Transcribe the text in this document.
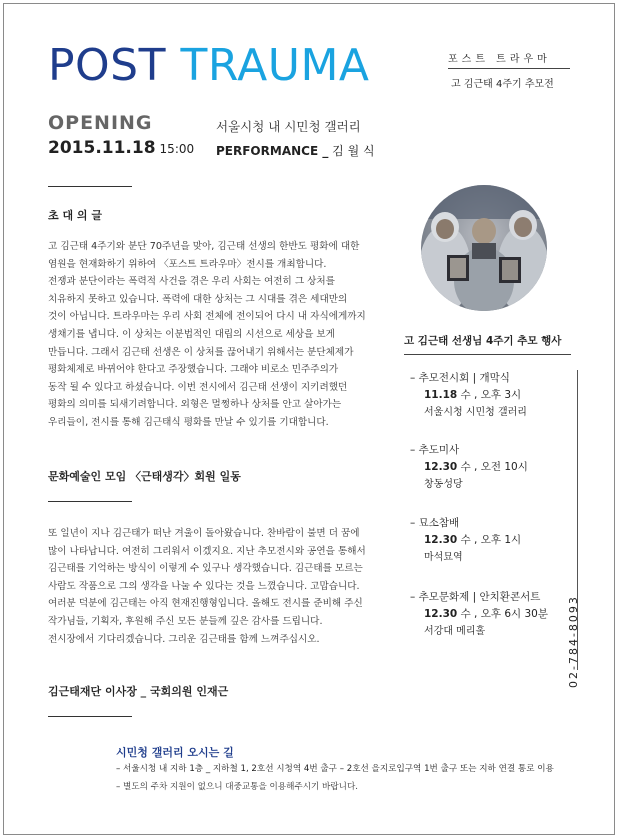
POST TRAUMA
OPENING
2015.11.18 15:00
서울시청 내 시민청 갤러리
PERFORMANCE _ 김 월 식
포스트 트라우마
고 김근태 4주기 추모전
초 대 의 글

고 김근태 4주기와 분단 70주년을 맞아, 김근태 선생의 한반도 평화에 대한

염원을 현재화하기 위하여 〈포스트 트라우마〉전시를 개최합니다.

전쟁과 분단이라는 폭력적 사건을 겪은 우리 사회는 여전히 그 상처를

치유하지 못하고 있습니다. 폭력에 대한 상처는 그 시대를 겪은 세대만의

것이 아닙니다. 트라우마는 우리 사회 전체에 전이되어 다시 내 자식에게까지

생채기를 냅니다. 이 상처는 이분법적인 대립의 시선으로 세상을 보게

만듭니다. 그래서 김근태 선생은 이 상처를 끊어내기 위해서는 분단체제가

평화체제로 바뀌어야 한다고 주장했습니다. 그래야 비로소 민주주의가

동작 될 수 있다고 하셨습니다. 이번 전시에서 김근태 선생이 지키려했던

평화의 의미를 되새기려합니다. 외형은 멀쩡하나 상처를 안고 살아가는

우리들이, 전시를 통해 김근태식 평화를 만날 수 있기를 기대합니다.

문화예술인 모임 〈근태생각〉회원 일동

또 일년이 지나 김근태가 떠난 겨울이 돌아왔습니다. 찬바람이 불면 더 꿈에

많이 나타납니다. 여전히 그리워서 이겠지요. 지난 추모전시와 공연을 통해서

김근태를 기억하는 방식이 이렇게 수 있구나 생각했습니다. 김근태를 모르는

사람도 작품으로 그의 생각을 나눌 수 있다는 것을 느꼈습니다. 고맙습니다.

여러분 덕분에 김근태는 아직 현재진행형입니다. 올해도 전시를 준비해 주신

작가님들, 기획자, 후원해 주신 모든 분들께 깊은 감사를 드립니다.

전시장에서 기다리겠습니다. 그리운 김근태를 함께 느껴주십시오.

김근태재단 이사장 _ 국회의원 인재근
고 김근태 선생님 4주기 추모 행사
– 추모전시회 | 개막식
11.18 수 , 오후 3시
서울시청 시민청 갤러리
– 추도미사
12.30 수 , 오전 10시
창동성당
– 묘소참배
12.30 수 , 오후 1시
마석묘역
– 추모문화제 | 안치환콘서트
12.30 수 , 오후 6시 30분
서강대 메리홀	02-784-8093
시민청 갤러리 오시는 길
– 서울시청 내 지하 1층 _ 지하철 1, 2호선 시청역 4번 출구 – 2호선 을지로입구역 1번 출구 또는 지하 연결 통로 이용
– 별도의 주차 지원이 없으니 대중교통을 이용해주시기 바랍니다.
